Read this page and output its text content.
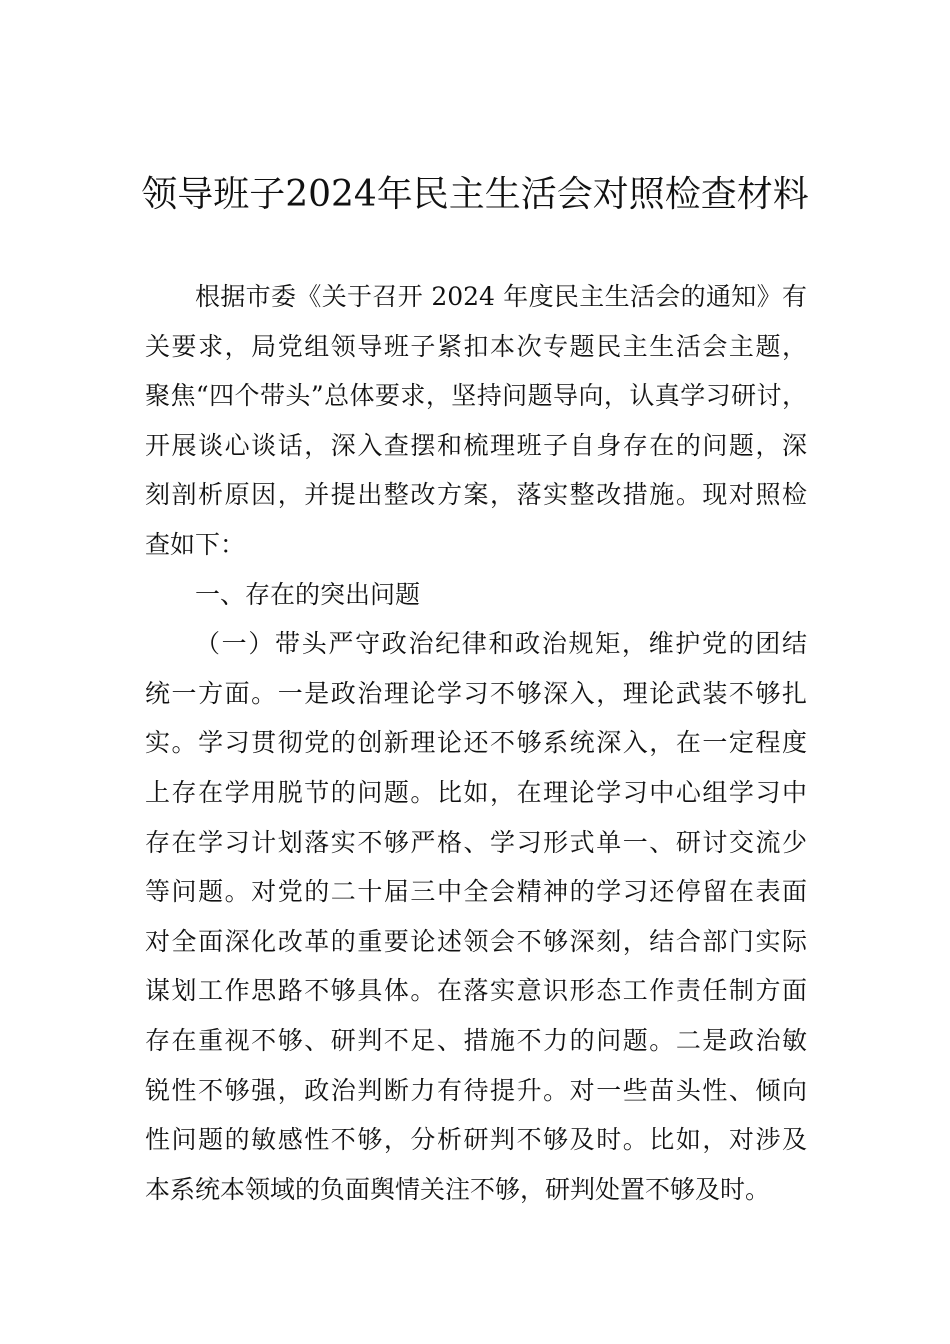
领导班子2024年民主生活会对照检查材料
根据市委《关于召开 2024 年度民主生活会的通知》有
关要求，局党组领导班子紧扣本次专题民主生活会主题，
聚焦“四个带头”总体要求，坚持问题导向，认真学习研讨，
开展谈心谈话，深入查摆和梳理班子自身存在的问题，深
刻剖析原因，并提出整改方案，落实整改措施。现对照检
查如下：
一、存在的突出问题
（一）带头严守政治纪律和政治规矩，维护党的团结
统一方面。一是政治理论学习不够深入，理论武装不够扎
实。学习贯彻党的创新理论还不够系统深入，在一定程度
上存在学用脱节的问题。比如，在理论学习中心组学习中
存在学习计划落实不够严格、学习形式单一、研讨交流少
等问题。对党的二十届三中全会精神的学习还停留在表面
对全面深化改革的重要论述领会不够深刻，结合部门实际
谋划工作思路不够具体。在落实意识形态工作责任制方面
存在重视不够、研判不足、措施不力的问题。二是政治敏
锐性不够强，政治判断力有待提升。对一些苗头性、倾向
性问题的敏感性不够，分析研判不够及时。比如，对涉及
本系统本领域的负面舆情关注不够，研判处置不够及时。
